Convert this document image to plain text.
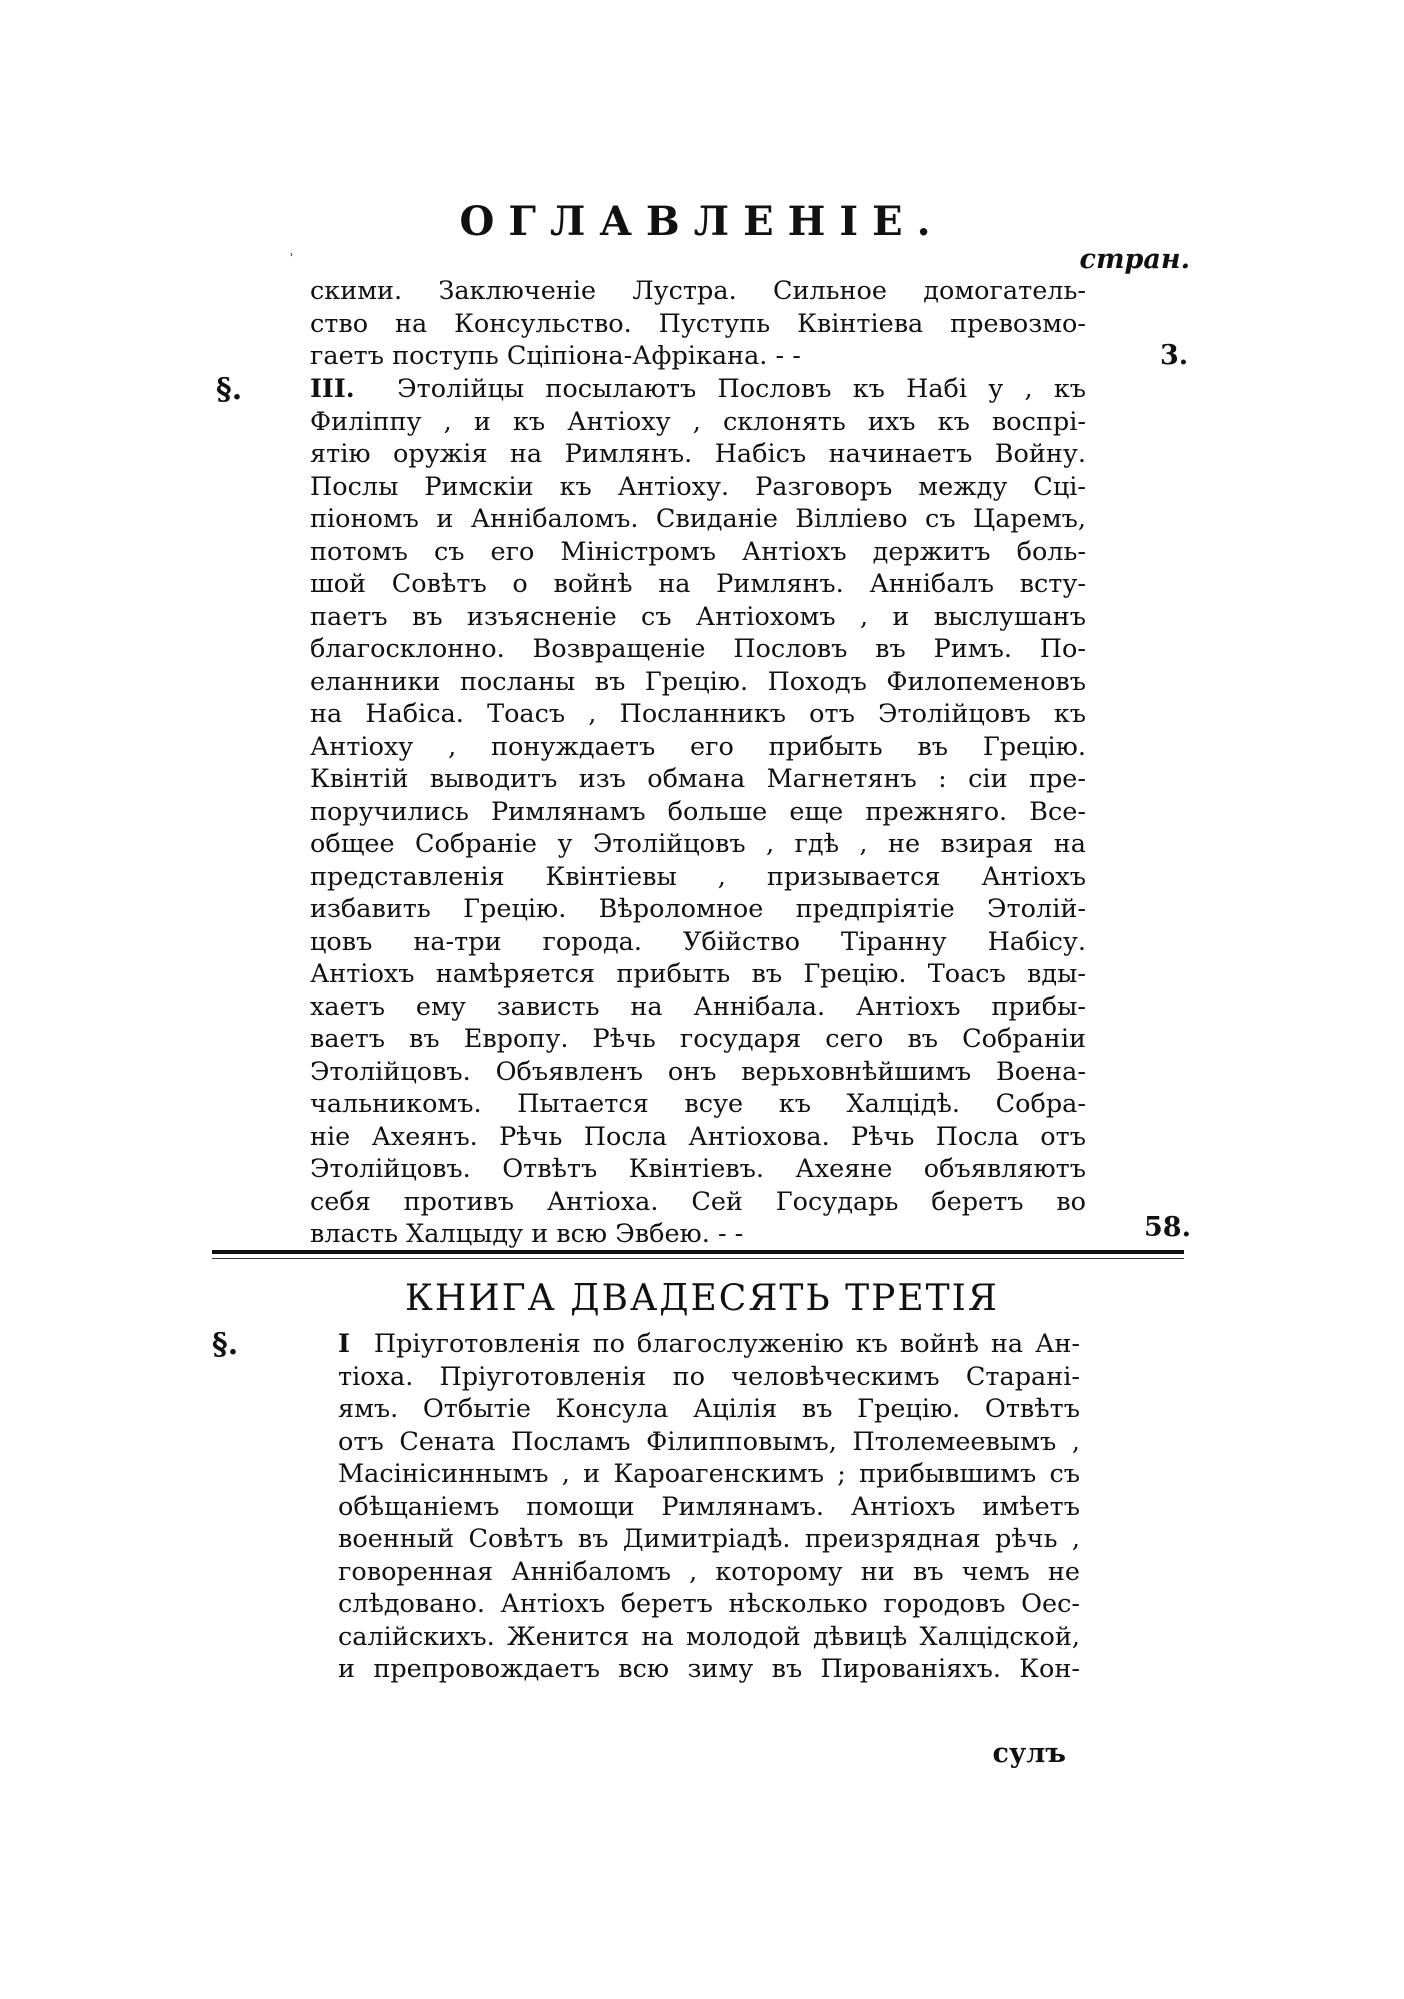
˒
ОГЛАВЛЕНІЕ.
стран.
скими. Заключеніе Лустра. Сильное домогатель-
ство на Консульство. Пуступь Квінтіева превозмо-
гаетъ поступь Сціпіона-Афрікана. - -	3.
§.	III. Этолійцы посылаютъ Пословъ къ Набі у , къ
Филіппу , и къ Антіоху , склонять ихъ къ воспрі-
ятію оружія на Римлянъ. Набісъ начинаетъ Войну.
Послы Римскіи къ Антіоху. Разговоръ между Сці-
піономъ и Аннібаломъ. Свиданіе Вілліево съ Царемъ,
потомъ съ его Міністромъ Антіохъ держитъ боль-
шой Совѣтъ о войнѣ на Римлянъ. Аннібалъ всту-
паетъ въ изъясненіе съ Антіохомъ , и выслушанъ
благосклонно. Возвращеніе Пословъ въ Римъ. По-
еланники посланы въ Грецію. Походъ Филопеменовъ
на Набіса. Тоасъ , Посланникъ отъ Этолійцовъ къ
Антіоху , понуждаетъ его прибыть въ Грецію.
Квінтій выводитъ изъ обмана Магнетянъ : сіи пре-
поручились Римлянамъ больше еще прежняго. Все-
общее Собраніе у Этолійцовъ , гдѣ , не взирая на
представленія Квінтіевы , призывается Антіохъ
избавить Грецію. Вѣроломное предпріятіе Этолій-
цовъ на-три города. Убійство Тіранну Набісу.
Антіохъ намѣряется прибыть въ Грецію. Тоасъ вды-
хаетъ ему зависть на Аннібала. Антіохъ прибы-
ваетъ въ Европу. Рѣчь государя сего въ Собраніи
Этолійцовъ. Объявленъ онъ верьховнѣйшимъ Воена-
чальникомъ. Пытается всуе къ Халцідѣ. Собра-
ніе Ахеянъ. Рѣчь Посла Антіохова. Рѣчь Посла отъ
Этолійцовъ. Отвѣтъ Квінтіевъ. Ахеяне объявляютъ
себя противъ Антіоха. Сей Государь беретъ во
власть Халцыду и всю Эвбею. - -	58.
КНИГА ДВАДЕСЯТЬ ТРЕТІЯ
§.	I Пріуготовленія по благослуженію къ войнѣ на Ан-
тіоха. Пріуготовленія по человѣческимъ Старані-
ямъ. Отбытіе Консула Ацілія въ Грецію. Отвѣтъ
отъ Сената Посламъ Філипповымъ, Птолемеевымъ ,
Масінісиннымъ , и Кароагенскимъ ; прибывшимъ съ
обѣщаніемъ помощи Римлянамъ. Антіохъ имѣетъ
военный Совѣтъ въ Димитріадѣ. преизрядная рѣчь ,
говоренная Аннібаломъ , которому ни въ чемъ не
слѣдовано. Антіохъ беретъ нѣсколько городовъ Оес-
салійскихъ. Женится на молодой дѣвицѣ Халцідской,
и препровождаетъ всю зиму въ Пированіяхъ. Кон-
сулъ
